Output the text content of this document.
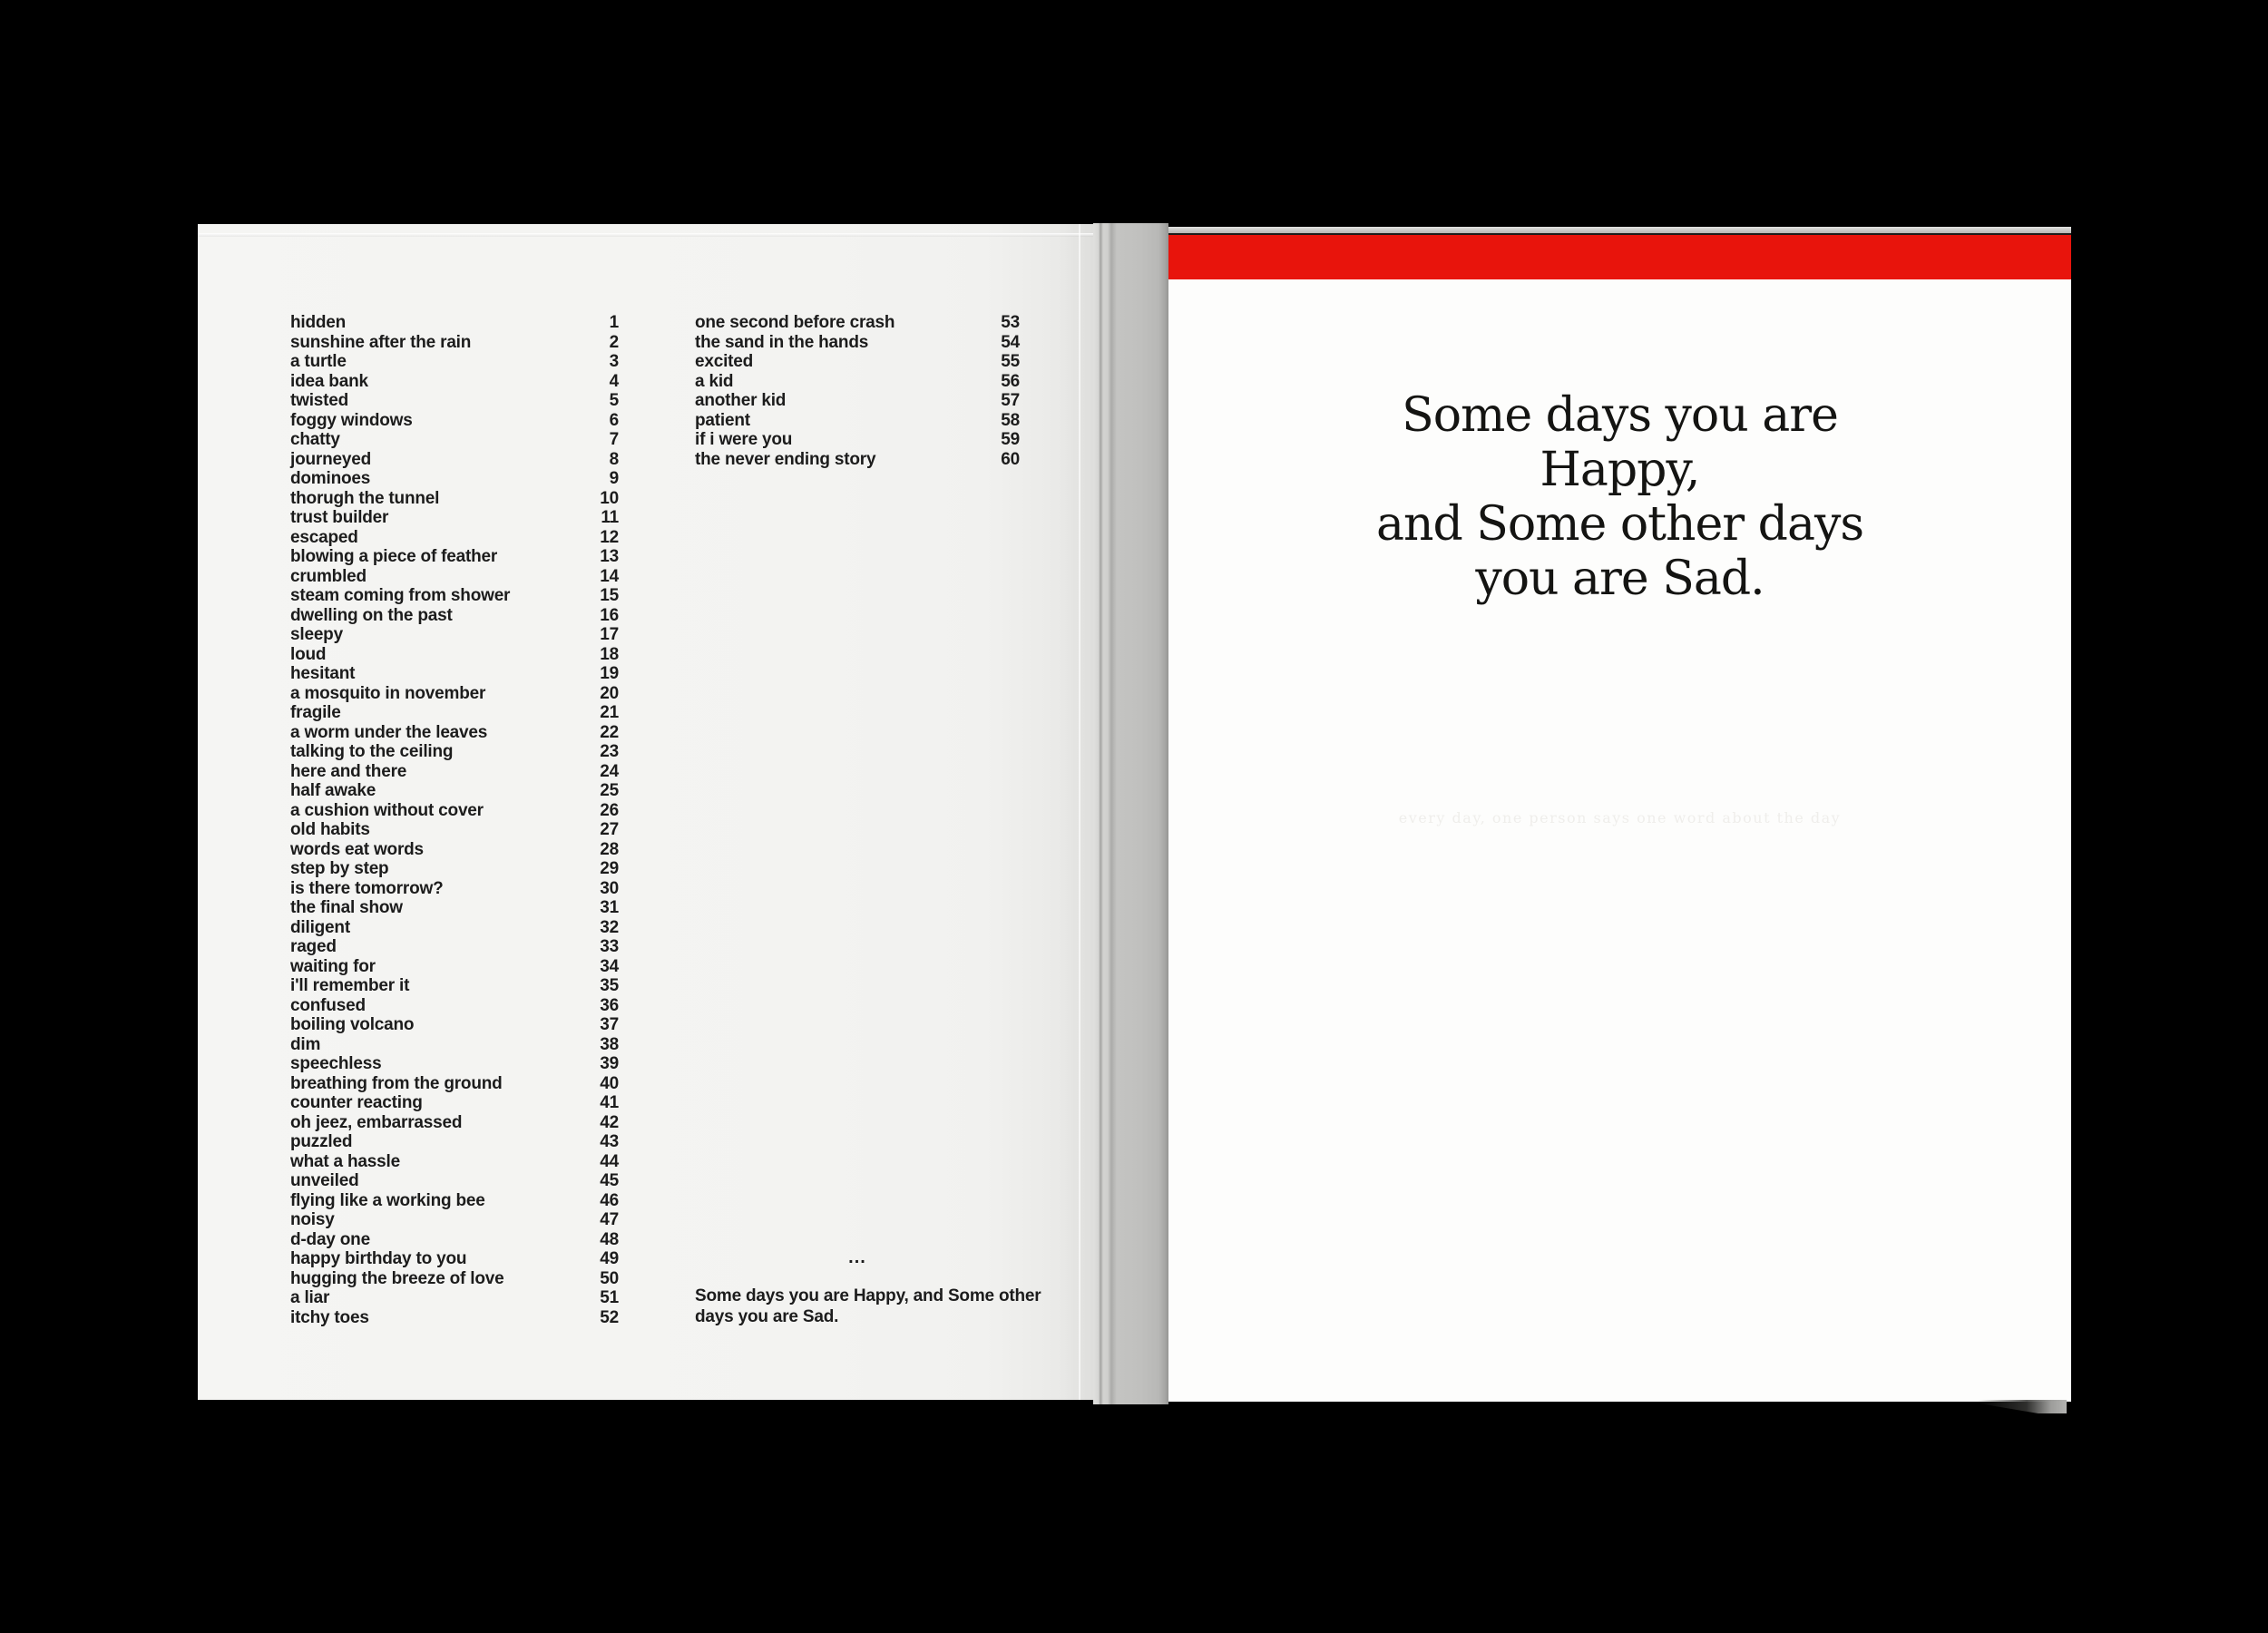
hidden	1
sunshine after the rain	2
a turtle	3
idea bank	4
twisted	5
foggy windows	6
chatty	7
journeyed	8
dominoes	9
thorugh the tunnel	10
trust builder	11
escaped	12
blowing a piece of feather	13
crumbled	14
steam coming from shower	15
dwelling on the past	16
sleepy	17
loud	18
hesitant	19
a mosquito in november	20
fragile	21
a worm under the leaves	22
talking to the ceiling	23
here and there	24
half awake	25
a cushion without cover	26
old habits	27
words eat words	28
step by step	29
is there tomorrow?	30
the final show	31
diligent	32
raged	33
waiting for	34
i'll remember it	35
confused	36
boiling volcano	37
dim	38
speechless	39
breathing from the ground	40
counter reacting	41
oh jeez, embarrassed	42
puzzled	43
what a hassle	44
unveiled	45
flying like a working bee	46
noisy	47
d-day one	48
happy birthday to you	49
hugging the breeze of love	50
a liar	51
itchy toes	52
one second before crash	53
the sand in the hands	54
excited	55
a kid	56
another kid	57
patient	58
if i were you	59
the never ending story	60
...
Some days you are Happy, and Some other days you are Sad.
Some days you are
Happy,
and Some other days
you are Sad.
every day, one person says one word about the day
